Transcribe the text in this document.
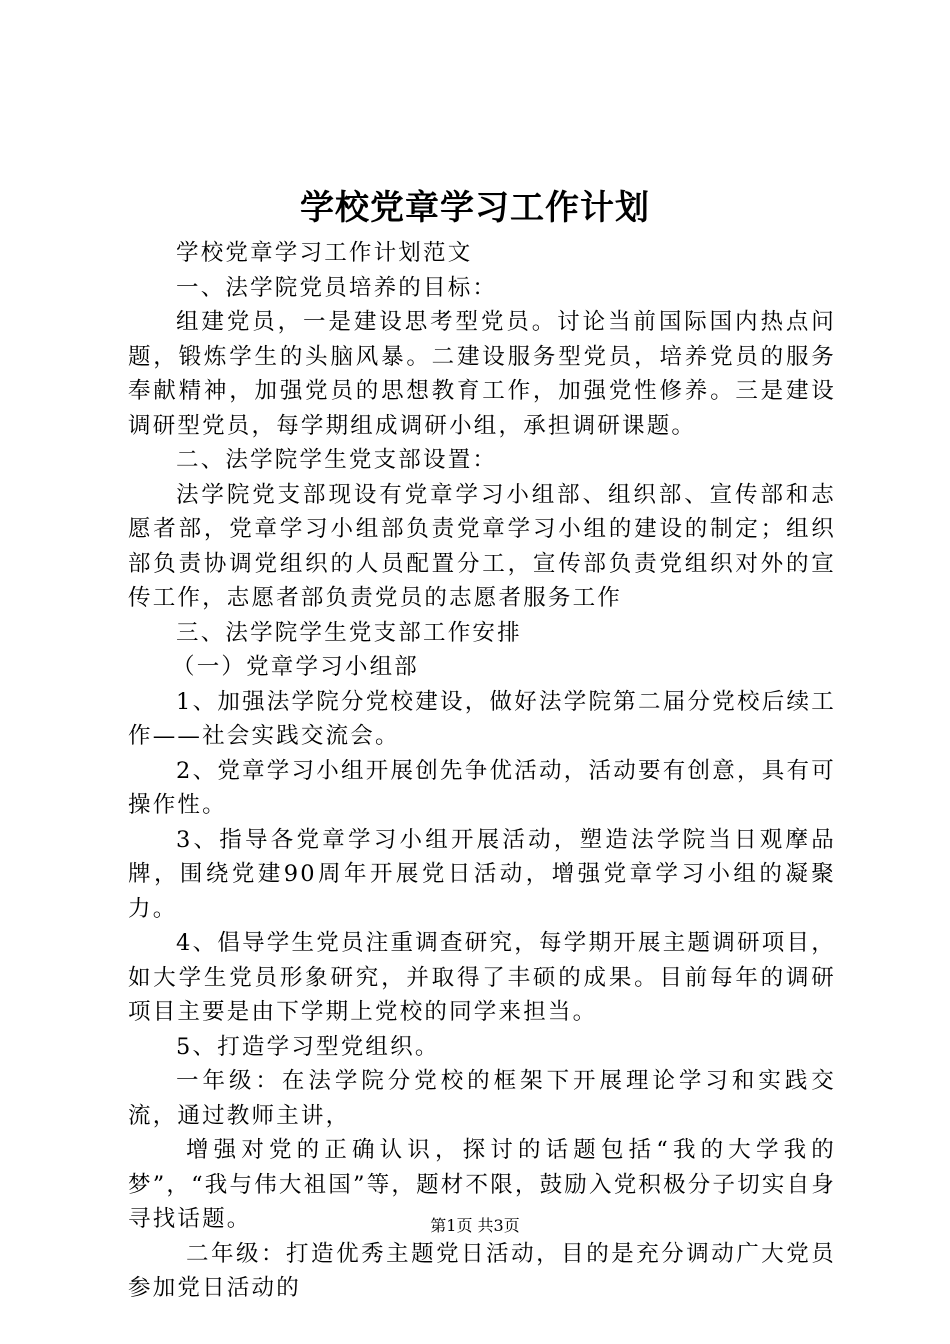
学校党章学习工作计划

学校党章学习工作计划范文

一、法学院党员培养的目标：

组建党员，一是建设思考型党员。讨论当前国际国内热点问题，锻炼学生的头脑风暴。二建设服务型党员，培养党员的服务奉献精神，加强党员的思想教育工作，加强党性修养。三是建设调研型党员，每学期组成调研小组，承担调研课题。

二、法学院学生党支部设置：

法学院党支部现设有党章学习小组部、组织部、宣传部和志愿者部，党章学习小组部负责党章学习小组的建设的制定；组织部负责协调党组织的人员配置分工，宣传部负责党组织对外的宣传工作，志愿者部负责党员的志愿者服务工作

三、法学院学生党支部工作安排

（一）党章学习小组部

1、加强法学院分党校建设，做好法学院第二届分党校后续工作——社会实践交流会。

2、党章学习小组开展创先争优活动，活动要有创意，具有可操作性。

3、指导各党章学习小组开展活动，塑造法学院当日观摩品牌，围绕党建90周年开展党日活动，增强党章学习小组的凝聚力。

4、倡导学生党员注重调查研究，每学期开展主题调研项目，如大学生党员形象研究，并取得了丰硕的成果。目前每年的调研项目主要是由下学期上党校的同学来担当。

5、打造学习型党组织。

一年级：在法学院分党校的框架下开展理论学习和实践交流，通过教师主讲，

增强对党的正确认识，探讨的话题包括“我的大学我的梦”，“我与伟大祖国”等，题材不限，鼓励入党积极分子切实自身寻找话题。

二年级：打造优秀主题党日活动，目的是充分调动广大党员参加党日活动的

第1页 共3页
